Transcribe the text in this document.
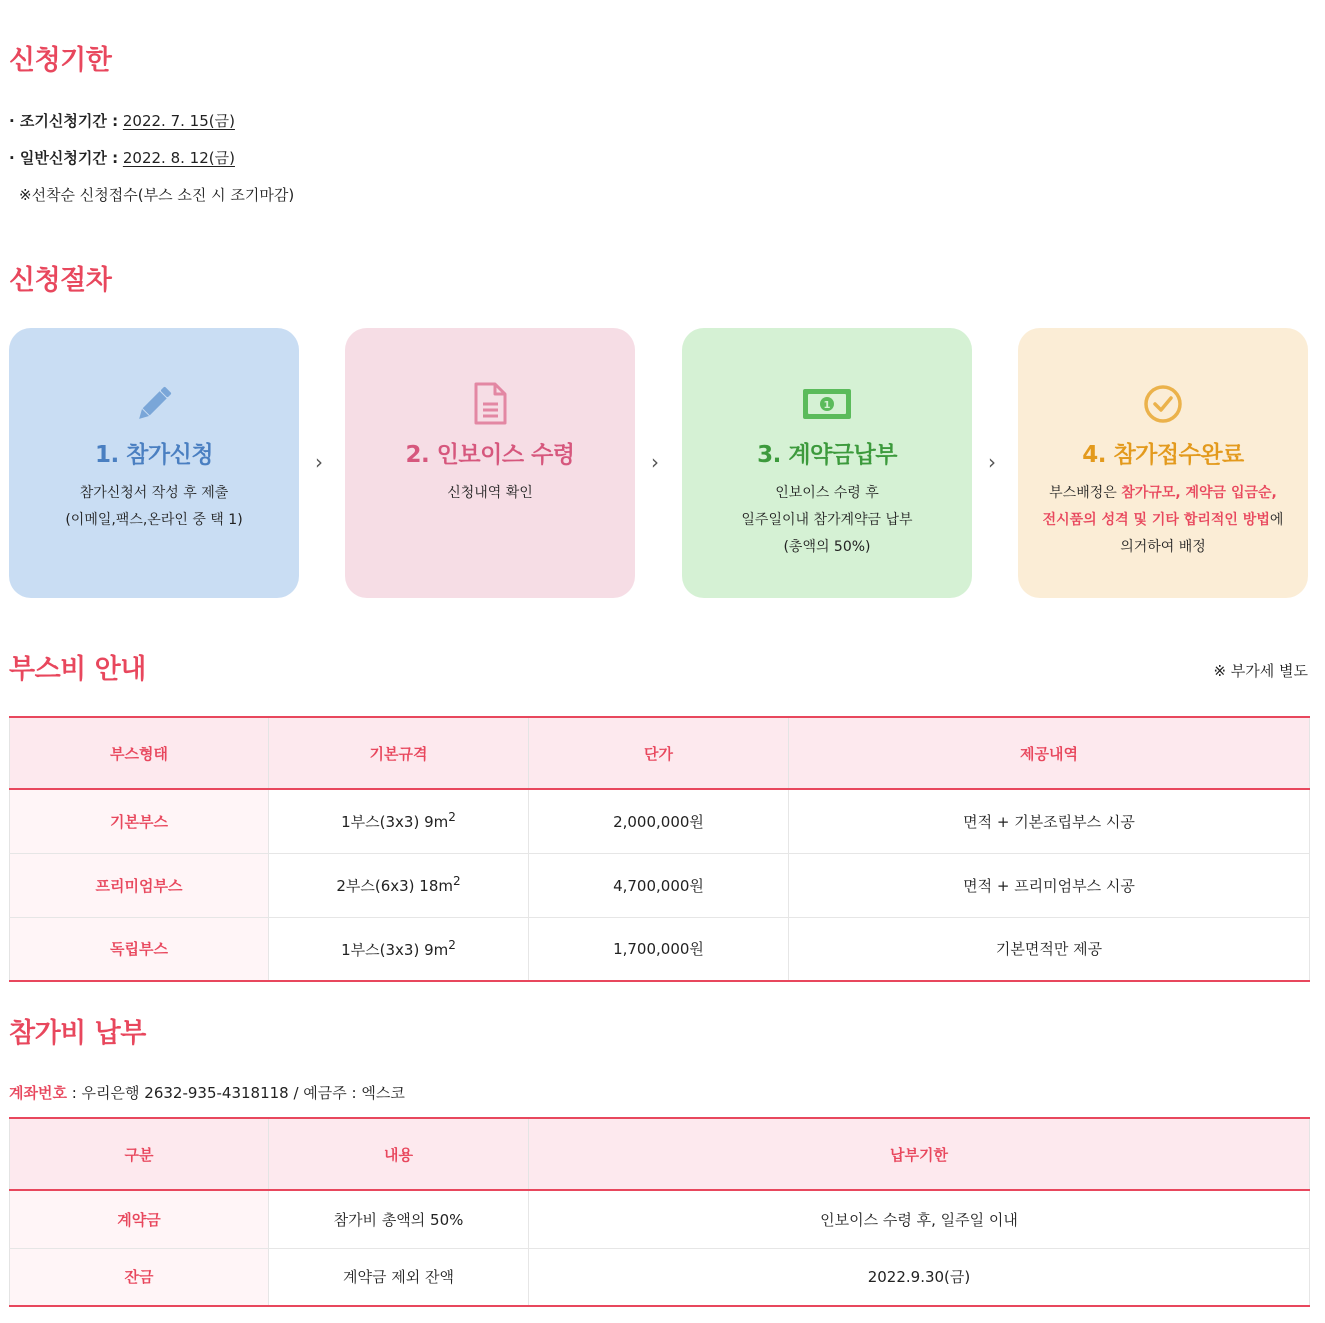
신청기한
· 조기신청기간 : 2022. 7. 15(금)
· 일반신청기간 : 2022. 8. 12(금)
※선착순 신청접수(부스 소진 시 조기마감)
신청절차
1. 참가신청
참가신청서 작성 후 제출
(이메일,팩스,온라인 중 택 1)
›	2. 인보이스 수령
신청내역 확인
›
1
3. 계약금납부
인보이스 수령 후
일주일이내 참가계약금 납부
(총액의 50%)
›	4. 참가접수완료
부스배정은 참가규모, 계약금 입금순,
전시품의 성격 및 기타 합리적인 방법에
의거하여 배정
부스비 안내	※ 부가세 별도
부스형태	기본규격	단가	제공내역
기본부스	1부스(3x3) $9m^2$	2,000,000원	면적 + 기본조립부스 시공
프리미엄부스	2부스(6x3) $18m^2$	4,700,000원	면적 + 프리미엄부스 시공
독립부스	1부스(3x3) $9m^2$	1,700,000원	기본면적만 제공
참가비 납부
계좌번호 : 우리은행 2632-935-4318118 / 예금주 : 엑스코
구분	내용	납부기한
계약금	참가비 총액의 50%	인보이스 수령 후, 일주일 이내
잔금	계약금 제외 잔액	2022.9.30(금)
